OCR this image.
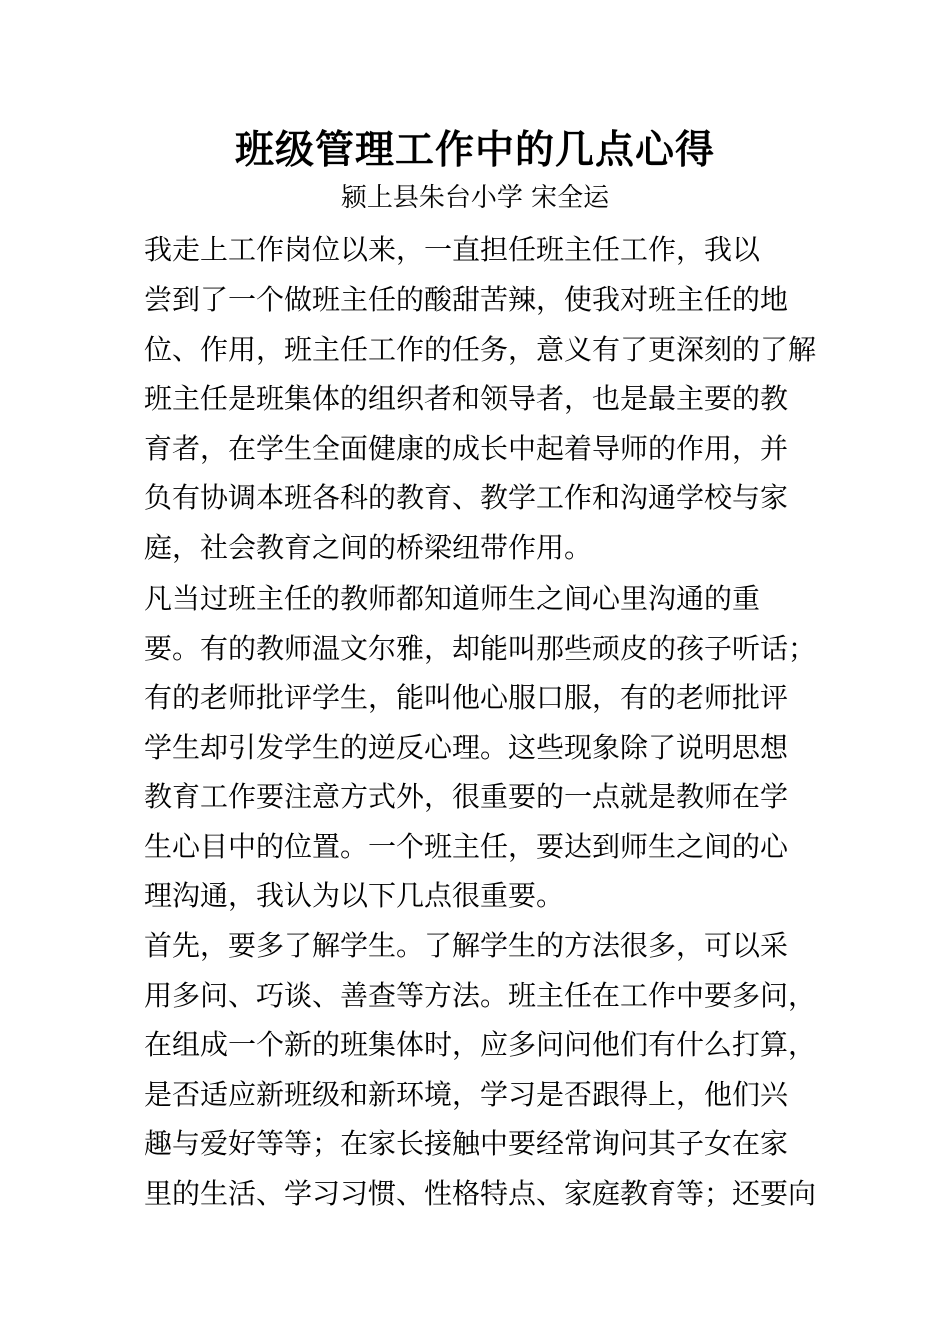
班级管理工作中的几点心得
颍上县朱台小学 宋全运
我走上工作岗位以来，一直担任班主任工作，我以
尝到了一个做班主任的酸甜苦辣，使我对班主任的地
位、作用，班主任工作的任务，意义有了更深刻的了解
班主任是班集体的组织者和领导者，也是最主要的教
育者，在学生全面健康的成长中起着导师的作用，并
负有协调本班各科的教育、教学工作和沟通学校与家
庭，社会教育之间的桥梁纽带作用。
凡当过班主任的教师都知道师生之间心里沟通的重
要。有的教师温文尔雅，却能叫那些顽皮的孩子听话；
有的老师批评学生，能叫他心服口服，有的老师批评
学生却引发学生的逆反心理。这些现象除了说明思想
教育工作要注意方式外，很重要的一点就是教师在学
生心目中的位置。一个班主任，要达到师生之间的心
理沟通，我认为以下几点很重要。
首先，要多了解学生。了解学生的方法很多，可以采
用多问、巧谈、善查等方法。班主任在工作中要多问，
在组成一个新的班集体时，应多问问他们有什么打算，
是否适应新班级和新环境，学习是否跟得上，他们兴
趣与爱好等等；在家长接触中要经常询问其子女在家
里的生活、学习习惯、性格特点、家庭教育等；还要向
